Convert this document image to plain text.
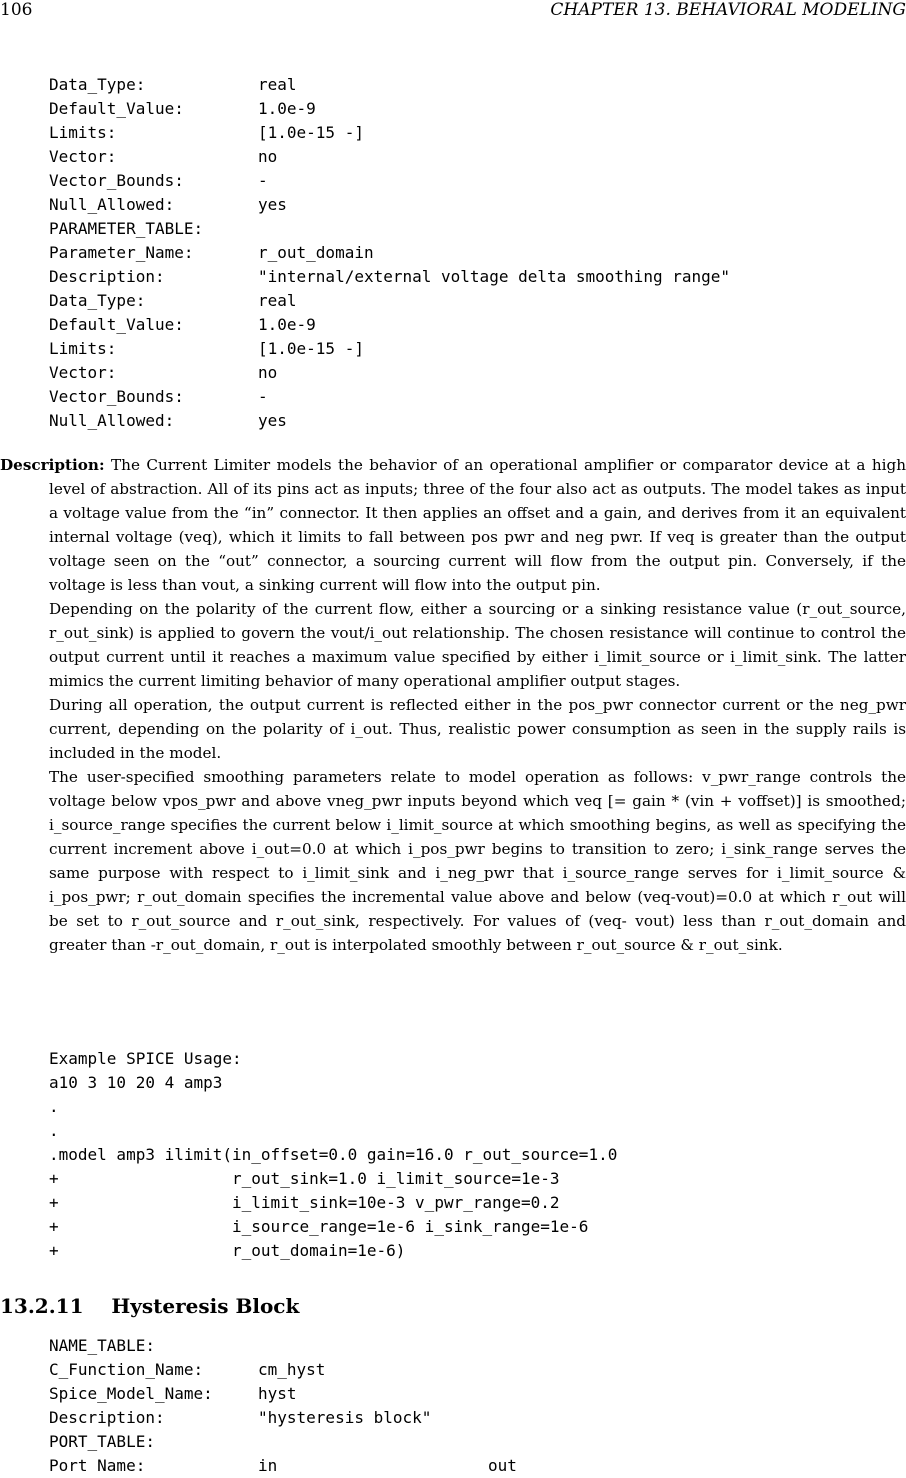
106	CHAPTER 13. BEHAVIORAL MODELING
Data_Type:	real
Default_Value:	1.0e-9
Limits:	[1.0e-15 -]
Vector:	no
Vector_Bounds:	-
Null_Allowed:	yes
PARAMETER_TABLE:
Parameter_Name:	r_out_domain
Description:	"internal/external voltage delta smoothing range"
Data_Type:	real
Default_Value:	1.0e-9
Limits:	[1.0e-15 -]
Vector:	no
Vector_Bounds:	-
Null_Allowed:	yes

Description: The Current Limiter models the behavior of an operational amplifier or comparator device at a high level of abstraction. All of its pins act as inputs; three of the four also act as outputs. The model takes as input a voltage value from the “in” connector. It then applies an offset and a gain, and derives from it an equivalent internal voltage (veq), which it limits to fall between pos pwr and neg pwr. If veq is greater than the output voltage seen on the “out” connector, a sourcing current will flow from the output pin. Conversely, if the voltage is less than vout, a sinking current will flow into the output pin.

Depending on the polarity of the current flow, either a sourcing or a sinking resistance value (r_out_source, r_out_sink) is applied to govern the vout/i_out relationship. The chosen resistance will continue to control the output current until it reaches a maximum value specified by either i_limit_source or i_limit_sink. The latter mimics the current limiting behavior of many operational amplifier output stages.

During all operation, the output current is reflected either in the pos_pwr connector current or the neg_pwr current, depending on the polarity of i_out. Thus, realistic power consumption as seen in the supply rails is included in the model.

The user-specified smoothing parameters relate to model operation as follows: v_pwr_range controls the voltage below vpos_pwr and above vneg_pwr inputs beyond which veq [= gain * (vin + voffset)] is smoothed; i_source_range specifies the current below i_limit_source at which smoothing begins, as well as specifying the current increment above i_out=0.0 at which i_pos_pwr begins to transition to zero; i_sink_range serves the same purpose with respect to i_limit_sink and i_neg_pwr that i_source_range serves for i_limit_source & i_pos_pwr; r_out_domain specifies the incremental value above and below (veq-vout)=0.0 at which r_out will be set to r_out_source and r_out_sink, respectively. For values of (veq- vout) less than r_out_domain and greater than -r_out_domain, r_out is interpolated smoothly between r_out_source & r_out_sink.

Example SPICE Usage:
a10 3 10 20 4 amp3
.
.
.model amp3 ilimit(in_offset=0.0 gain=16.0 r_out_source=1.0
+                  r_out_sink=1.0 i_limit_source=1e-3
+                  i_limit_sink=10e-3 v_pwr_range=0.2
+                  i_source_range=1e-6 i_sink_range=1e-6
+                  r_out_domain=1e-6)
13.2.11 Hysteresis Block
NAME_TABLE:
C_Function_Name:	cm_hyst
Spice_Model_Name:	hyst
Description:	"hysteresis block"
PORT_TABLE:
Port Name:	in	out
